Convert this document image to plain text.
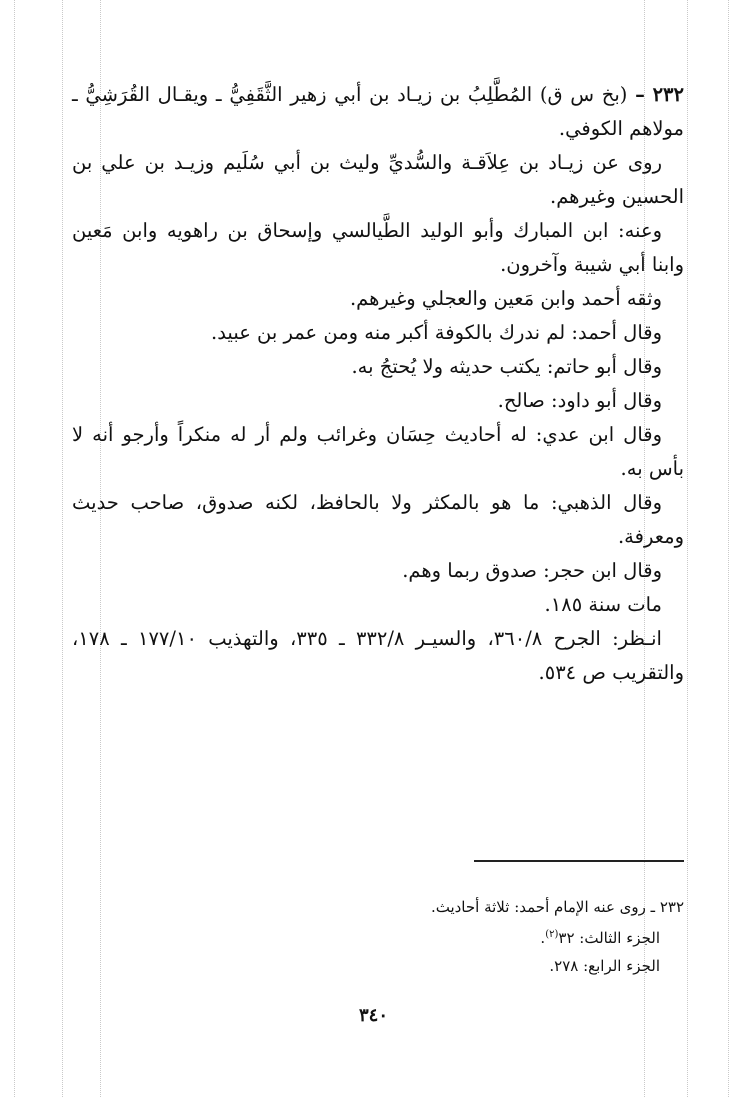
٢٣٢ – (بخ س ق) المُطَّلِبُ بن زيـاد بن أبي زهير الثَّقَفِيُّ ـ ويقـال القُرَشِيُّ ـ مولاهم الكوفي.

روى عن زيـاد بن عِلاَقـة والسُّديِّ وليث بن أبي سُلَيم وزيـد بن علي بن الحسين وغيرهم.

وعنه: ابن المبارك وأبو الوليد الطَّيالسي وإسحاق بن راهويه وابن مَعين وابنا أبي شيبة وآخرون.

وثقه أحمد وابن مَعين والعجلي وغيرهم.

وقال أحمد: لم ندرك بالكوفة أكبر منه ومن عمر بن عبيد.

وقال أبو حاتم: يكتب حديثه ولا يُحتجُ به.

وقال أبو داود: صالح.

وقال ابن عدي: له أحاديث حِسَان وغرائب ولم أر له منكراً وأرجو أنه لا بأس به.

وقال الذهبي: ما هو بالمكثر ولا بالحافظ، لكنه صدوق، صاحب حديث ومعرفة.

وقال ابن حجر: صدوق ربما وهم.

مات سنة ١٨٥.

انـظر: الجرح ٣٦٠/٨، والسيـر ٣٣٢/٨ ـ ٣٣٥، والتهذيب ١٧٧/١٠ ـ ١٧٨، والتقريب ص ٥٣٤.

٢٣٢ ـ روى عنه الإمام أحمد: ثلاثة أحاديث.
الجزء الثالث: ٣٢$^{(٢)}$.
الجزء الرابع: ٢٧٨.
٣٤٠
